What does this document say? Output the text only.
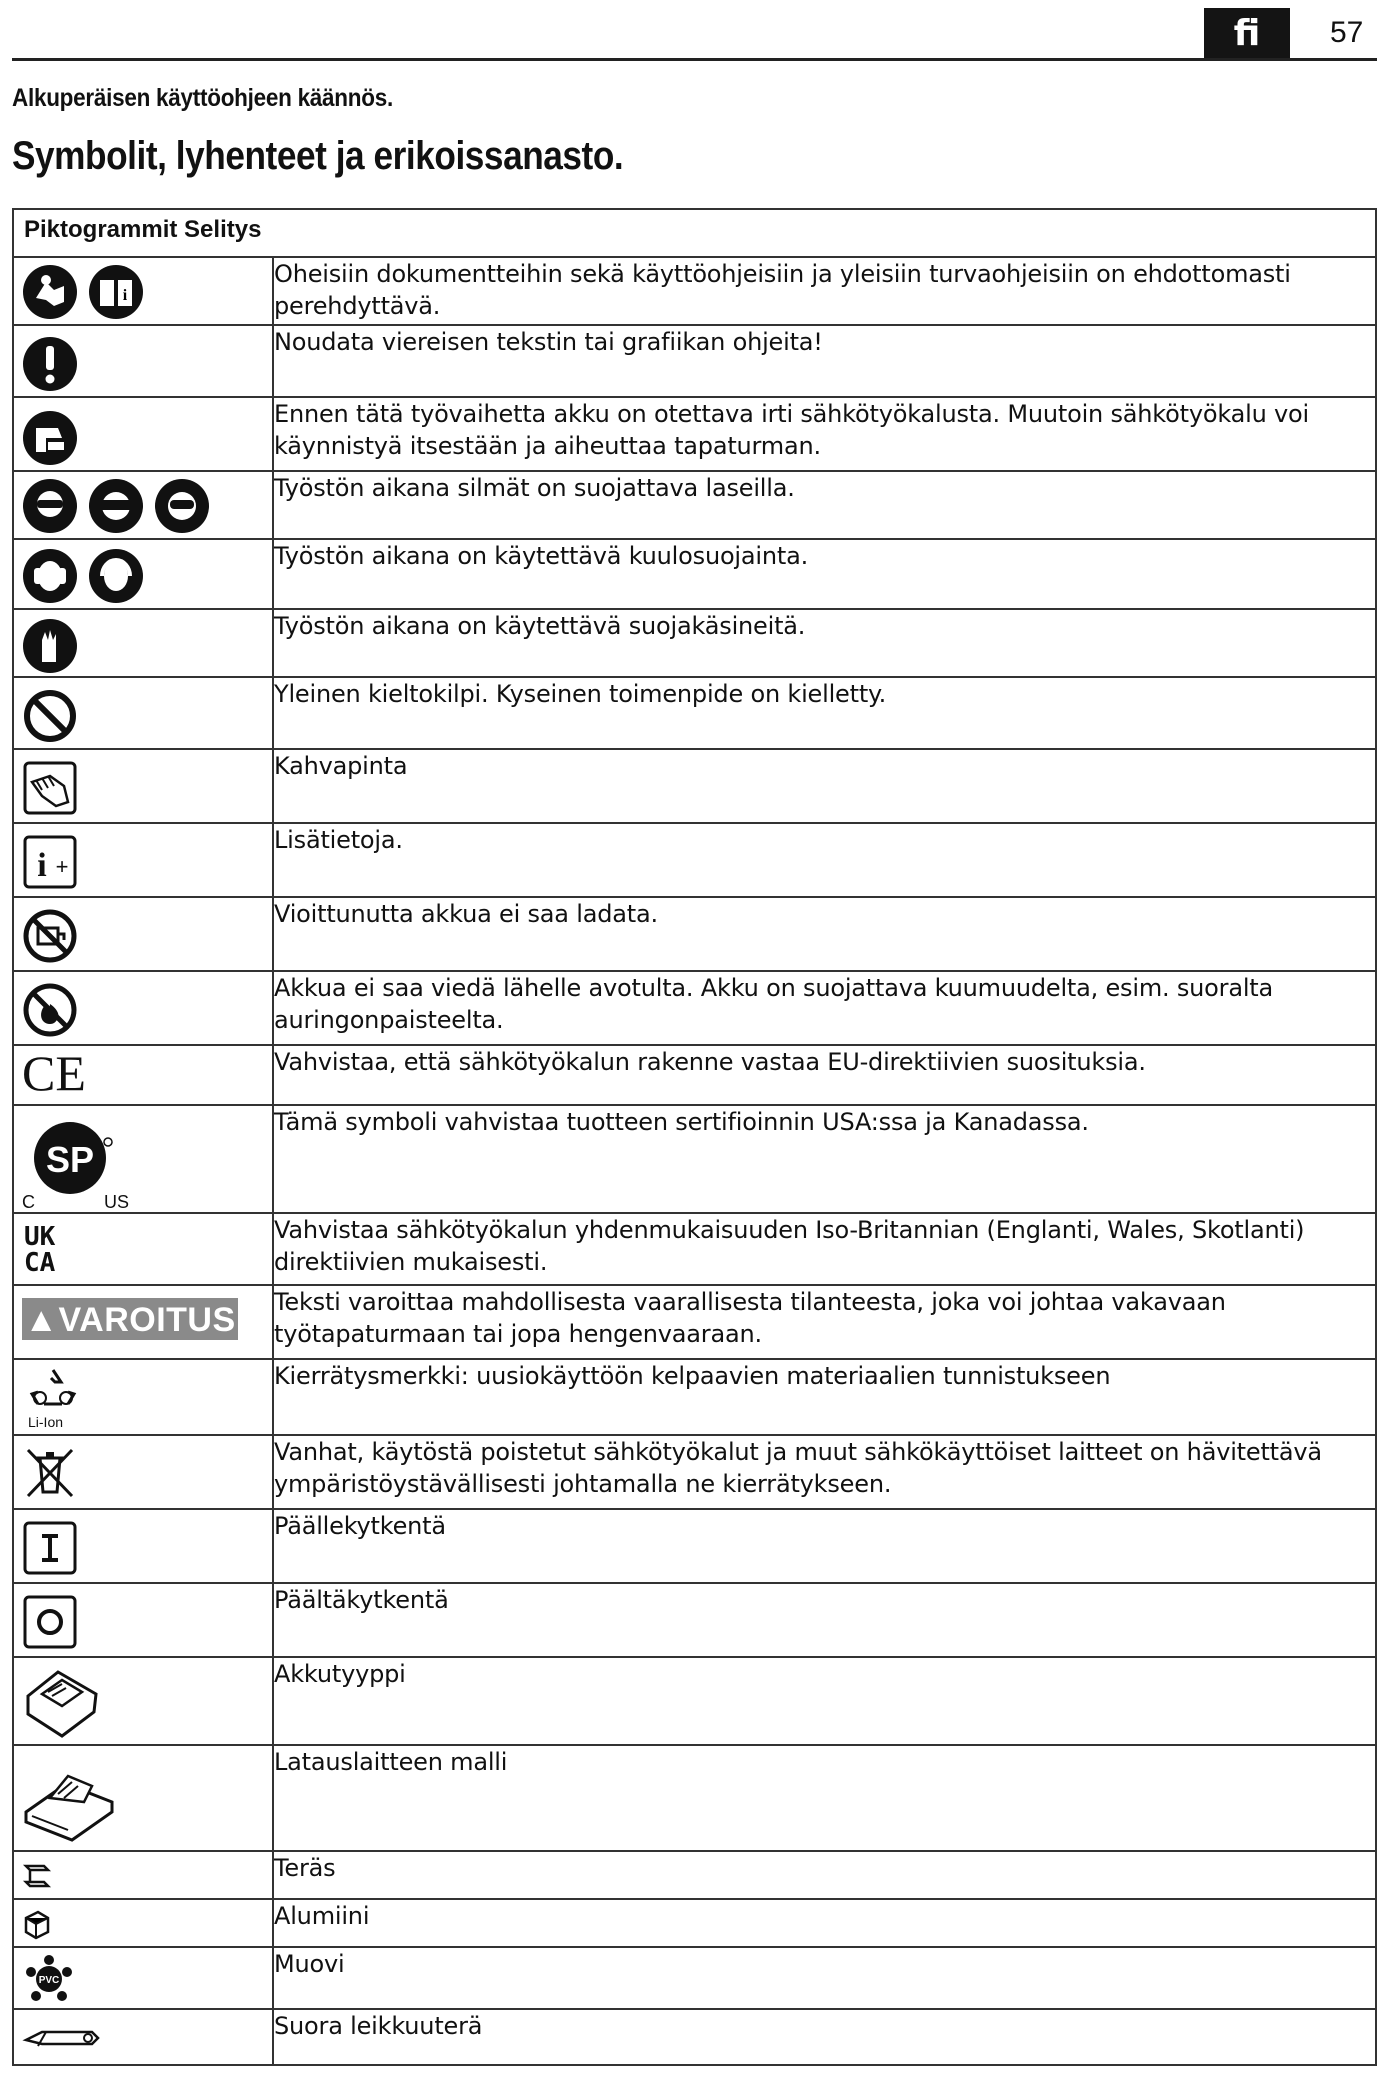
fi	57
Alkuperäisen käyttöohjeen käännös.
Symbolit, lyhenteet ja erikoissanasto.
Piktogrammit Selitys	

i	Oheisiin dokumentteihin sekä käyttöohjeisiin ja yleisiin turvaohjeisiin on ehdottomasti perehdyttävä.

	Noudata viereisen tekstin tai grafiikan ohjeita!

	Ennen tätä työvaihetta akku on otettava irti sähkötyökalusta. Muutoin sähkötyökalu voi käynnistyä itsestään ja aiheuttaa tapaturman.

	Työstön aikana silmät on suojattava laseilla.

	Työstön aikana on käytettävä kuulosuojainta.

	Työstön aikana on käytettävä suojakäsineitä.

	Yleinen kieltokilpi. Kyseinen toimenpide on kielletty.

	Kahvapinta

i +	Lisätietoja.

	Vioittunutta akkua ei saa ladata.

	Akkua ei saa viedä lähelle avotulta. Akku on suojattava kuumuudelta, esim. suoralta auringonpaisteelta.

CE	Vahvistaa, että sähkötyökalun rakenne vastaa EU-direktiivien suosituksia.

SP
C US	Tämä symboli vahvistaa tuotteen sertifioinnin USA:ssa ja Kanadassa.

UK
CA	Vahvistaa sähkötyökalun yhdenmukaisuuden Iso-Britannian (Englanti, Wales, Skotlanti) direktiivien mukaisesti.

▲VAROITUS	Teksti varoittaa mahdollisesta vaarallisesta tilanteesta, joka voi johtaa vakavaan työtapaturmaan tai jopa hengenvaaraan.

Li-Ion	Kierrätysmerkki: uusiokäyttöön kelpaavien materiaalien tunnistukseen

	Vanhat, käytöstä poistetut sähkötyökalut ja muut sähkökäyttöiset laitteet on hävitettävä ympäristöystävällisesti johtamalla ne kierrätykseen.

	Päällekytkentä

	Päältäkytkentä

	Akkutyyppi

	Latauslaitteen malli

	Teräs

	Alumiini

PVC	Muovi

	Suora leikkuuterä
